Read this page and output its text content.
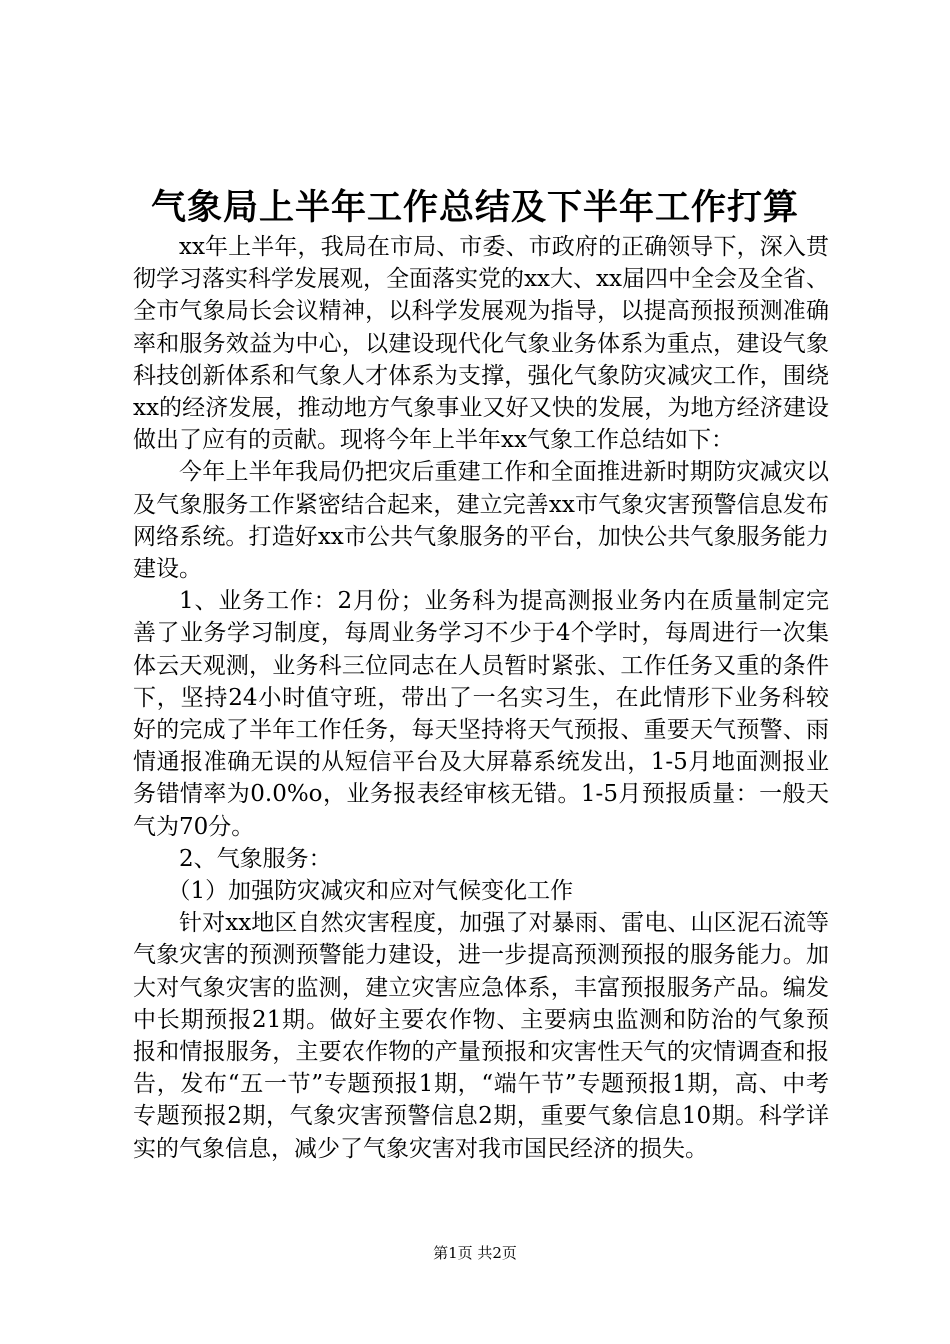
气象局上半年工作总结及下半年工作打算

xx年上半年，我局在市局、市委、市政府的正确领导下，深入贯彻学习落实科学发展观，全面落实党的xx大、xx届四中全会及全省、全市气象局长会议精神，以科学发展观为指导，以提高预报预测准确率和服务效益为中心，以建设现代化气象业务体系为重点，建设气象科技创新体系和气象人才体系为支撑，强化气象防灾减灾工作，围绕xx的经济发展，推动地方气象事业又好又快的发展，为地方经济建设做出了应有的贡献。现将今年上半年xx气象工作总结如下：

今年上半年我局仍把灾后重建工作和全面推进新时期防灾减灾以及气象服务工作紧密结合起来，建立完善xx市气象灾害预警信息发布网络系统。打造好xx市公共气象服务的平台，加快公共气象服务能力建设。

1、业务工作：2月份；业务科为提高测报业务内在质量制定完善了业务学习制度，每周业务学习不少于4个学时，每周进行一次集体云天观测，业务科三位同志在人员暂时紧张、工作任务又重的条件下，坚持24小时值守班，带出了一名实习生，在此情形下业务科较好的完成了半年工作任务，每天坚持将天气预报、重要天气预警、雨情通报准确无误的从短信平台及大屏幕系统发出，1-5月地面测报业务错情率为0.0%o，业务报表经审核无错。1-5月预报质量：一般天气为70分。

2、气象服务：

（1）加强防灾减灾和应对气候变化工作

针对xx地区自然灾害程度，加强了对暴雨、雷电、山区泥石流等气象灾害的预测预警能力建设，进一步提高预测预报的服务能力。加大对气象灾害的监测，建立灾害应急体系，丰富预报服务产品。编发中长期预报21期。做好主要农作物、主要病虫监测和防治的气象预报和情报服务，主要农作物的产量预报和灾害性天气的灾情调查和报告，发布“五一节”专题预报1期，“端午节”专题预报1期，高、中考专题预报2期，气象灾害预警信息2期，重要气象信息10期。科学详实的气象信息，减少了气象灾害对我市国民经济的损失。

第1页 共2页
